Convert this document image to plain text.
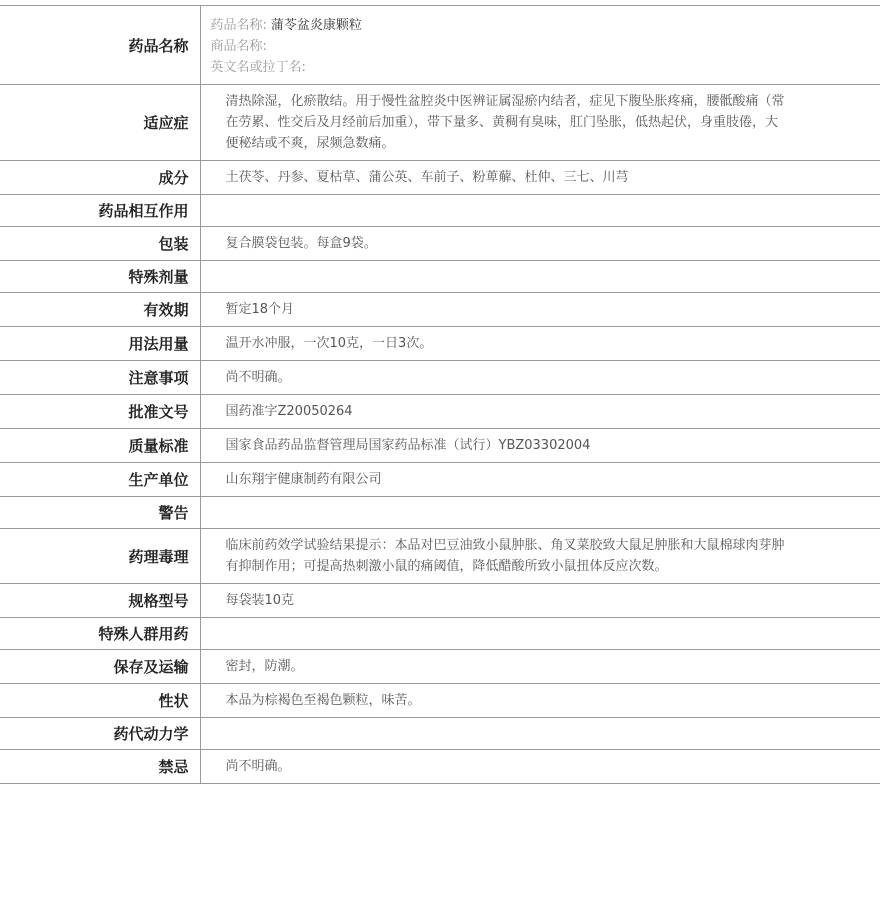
药品名称	药品名称: 蒲苓盆炎康颗粒
商品名称:
英文名或拉丁名:

适应症	清热除湿，化瘀散结。用于慢性盆腔炎中医辨证属湿瘀内结者，症见下腹坠胀疼痛，腰骶酸痛（常在劳累、性交后及月经前后加重），带下量多、黄稠有臭味，肛门坠胀，低热起伏，身重肢倦，大便秘结或不爽，尿频急数痛。
成分	土茯苓、丹参、夏枯草、蒲公英、车前子、粉萆薢、杜仲、三七、川芎
药品相互作用	
包装	复合膜袋包装。每盒9袋。
特殊剂量	
有效期	暂定18个月
用法用量	温开水冲服，一次10克，一日3次。
注意事项	尚不明确。
批准文号	国药准字Z20050264
质量标准	国家食品药品监督管理局国家药品标准（试行）YBZ03302004
生产单位	山东翔宇健康制药有限公司
警告	
药理毒理	临床前药效学试验结果提示：本品对巴豆油致小鼠肿胀、角叉菜胶致大鼠足肿胀和大鼠棉球肉芽肿有抑制作用；可提高热刺激小鼠的痛阈值，降低醋酸所致小鼠扭体反应次数。
规格型号	每袋装10克
特殊人群用药	
保存及运输	密封，防潮。
性状	本品为棕褐色至褐色颗粒，味苦。
药代动力学	
禁忌	尚不明确。
